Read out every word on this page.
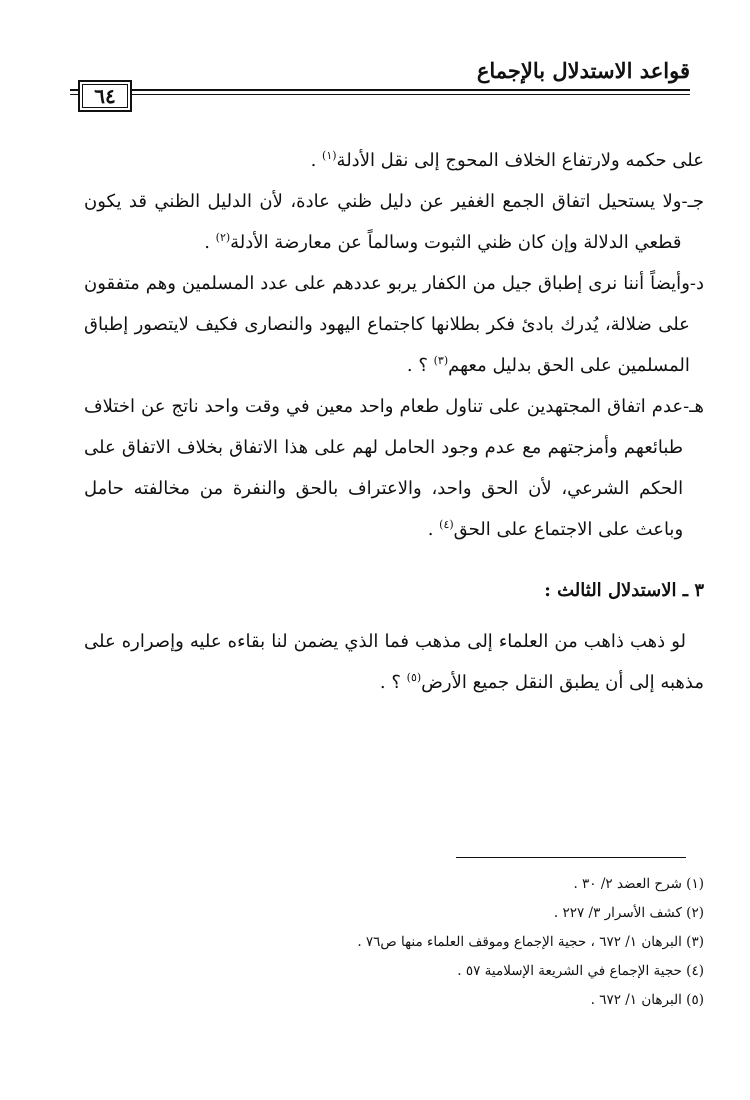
قواعد الاستدلال بالإجماع
٦٤

على حكمه ولارتفاع الخلاف المحوج إلى نقل الأدلة$^{(١)}$ .

جـ-
ولا يستحيل اتفاق الجمع الغفير عن دليل ظني عادة، لأن الدليل الظني قد يكون قطعي الدلالة وإن كان ظني الثبوت وسالماً عن معارضة الأدلة$^{(٢)}$ .
د-
وأيضاً أننا نرى إطباق جيل من الكفار يربو عددهم على عدد المسلمين وهم متفقون على ضلالة، يُدرك بادئ فكر بطلانها كاجتماع اليهود والنصارى فكيف لايتصور إطباق المسلمين على الحق بدليل معهم$^{(٣)}$ ؟ .
هـ-
عدم اتفاق المجتهدين على تناول طعام واحد معين في وقت واحد ناتج عن اختلاف طبائعهم وأمزجتهم مع عدم وجود الحامل لهم على هذا الاتفاق بخلاف الاتفاق على الحكم الشرعي، لأن الحق واحد، والاعتراف بالحق والنفرة من مخالفته حامل وباعث على الاجتماع على الحق$^{(٤)}$ .

٣ ـ الاستدلال الثالث :

لو ذهب ذاهب من العلماء إلى مذهب فما الذي يضمن لنا بقاءه عليه وإصراره على مذهبه إلى أن يطبق النقل جميع الأرض$^{(٥)}$ ؟ .

(١) شرح العضد ٢/ ٣٠ .
(٢) كشف الأسرار ٣/ ٢٢٧ .
(٣) البرهان ١/ ٦٧٢ ، حجية الإجماع وموقف العلماء منها ص٧٦ .
(٤) حجية الإجماع في الشريعة الإسلامية ٥٧ .
(٥) البرهان ١/ ٦٧٢ .
